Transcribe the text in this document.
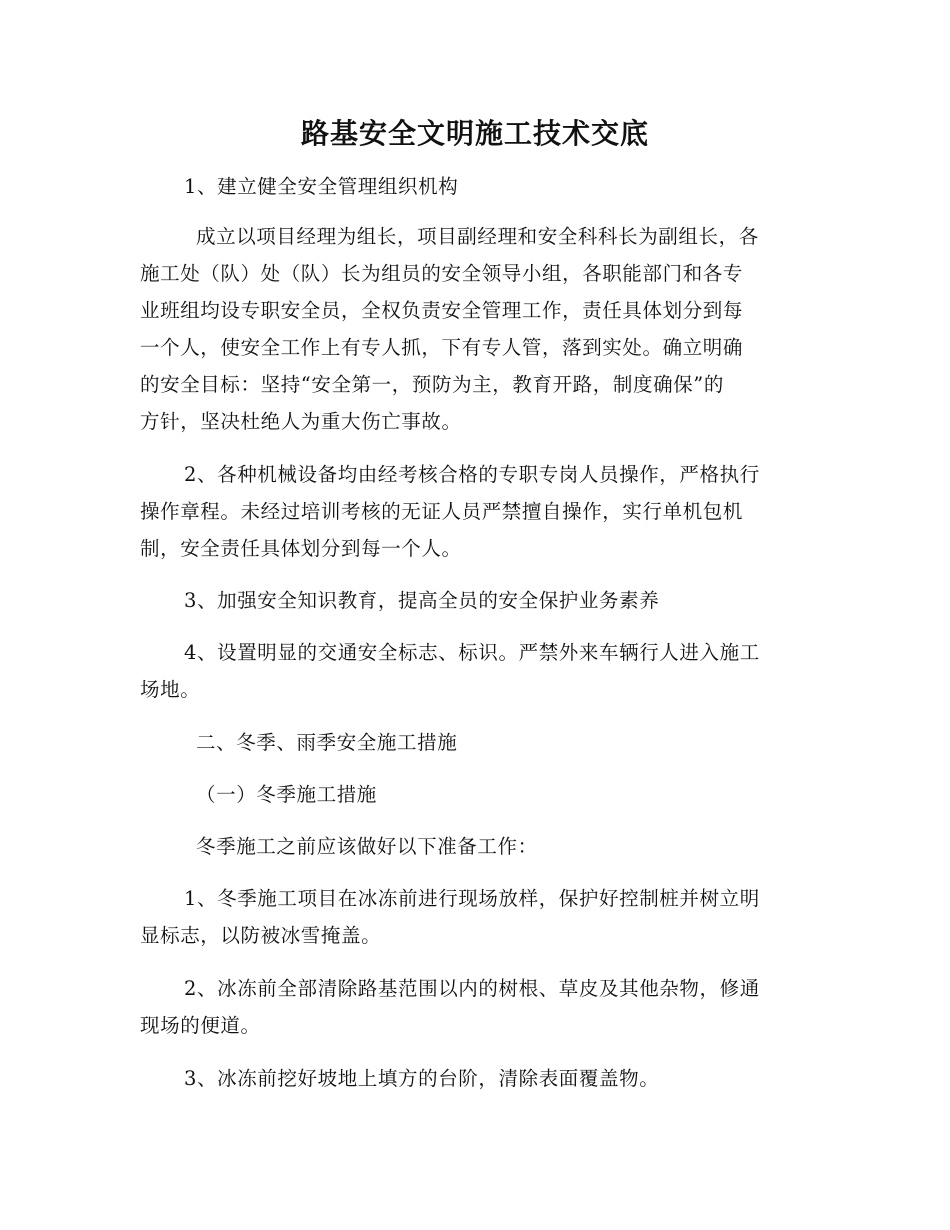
路基安全文明施工技术交底
1、建立健全安全管理组织机构
成立以项目经理为组长，项目副经理和安全科科长为副组长，各
施工处（队）处（队）长为组员的安全领导小组，各职能部门和各专
业班组均设专职安全员，全权负责安全管理工作，责任具体划分到每
一个人，使安全工作上有专人抓，下有专人管，落到实处。确立明确
的安全目标：坚持“安全第一，预防为主，教育开路，制度确保”的
方针，坚决杜绝人为重大伤亡事故。
2、各种机械设备均由经考核合格的专职专岗人员操作，严格执行
操作章程。未经过培训考核的无证人员严禁擅自操作，实行单机包机
制，安全责任具体划分到每一个人。
3、加强安全知识教育，提高全员的安全保护业务素养
4、设置明显的交通安全标志、标识。严禁外来车辆行人进入施工
场地。
二、冬季、雨季安全施工措施
（一）冬季施工措施
冬季施工之前应该做好以下准备工作：
1、冬季施工项目在冰冻前进行现场放样，保护好控制桩并树立明
显标志，以防被冰雪掩盖。
2、冰冻前全部清除路基范围以内的树根、草皮及其他杂物，修通
现场的便道。
3、冰冻前挖好坡地上填方的台阶，清除表面覆盖物。
